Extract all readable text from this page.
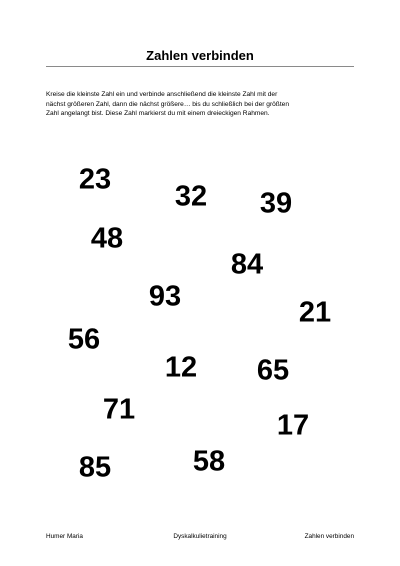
Zahlen verbinden
Kreise die kleinste Zahl ein und verbinde anschließend die kleinste Zahl mit der
nächst größeren Zahl, dann die nächst größere… bis du schließlich bei der größten
Zahl angelangt bist. Diese Zahl markierst du mit einem dreieckigen Rahmen.
23
32 39
48
84
93	21
56
12 65
71	17
85	58
Humer Maria	Dyskalkulietraining	Zahlen verbinden
